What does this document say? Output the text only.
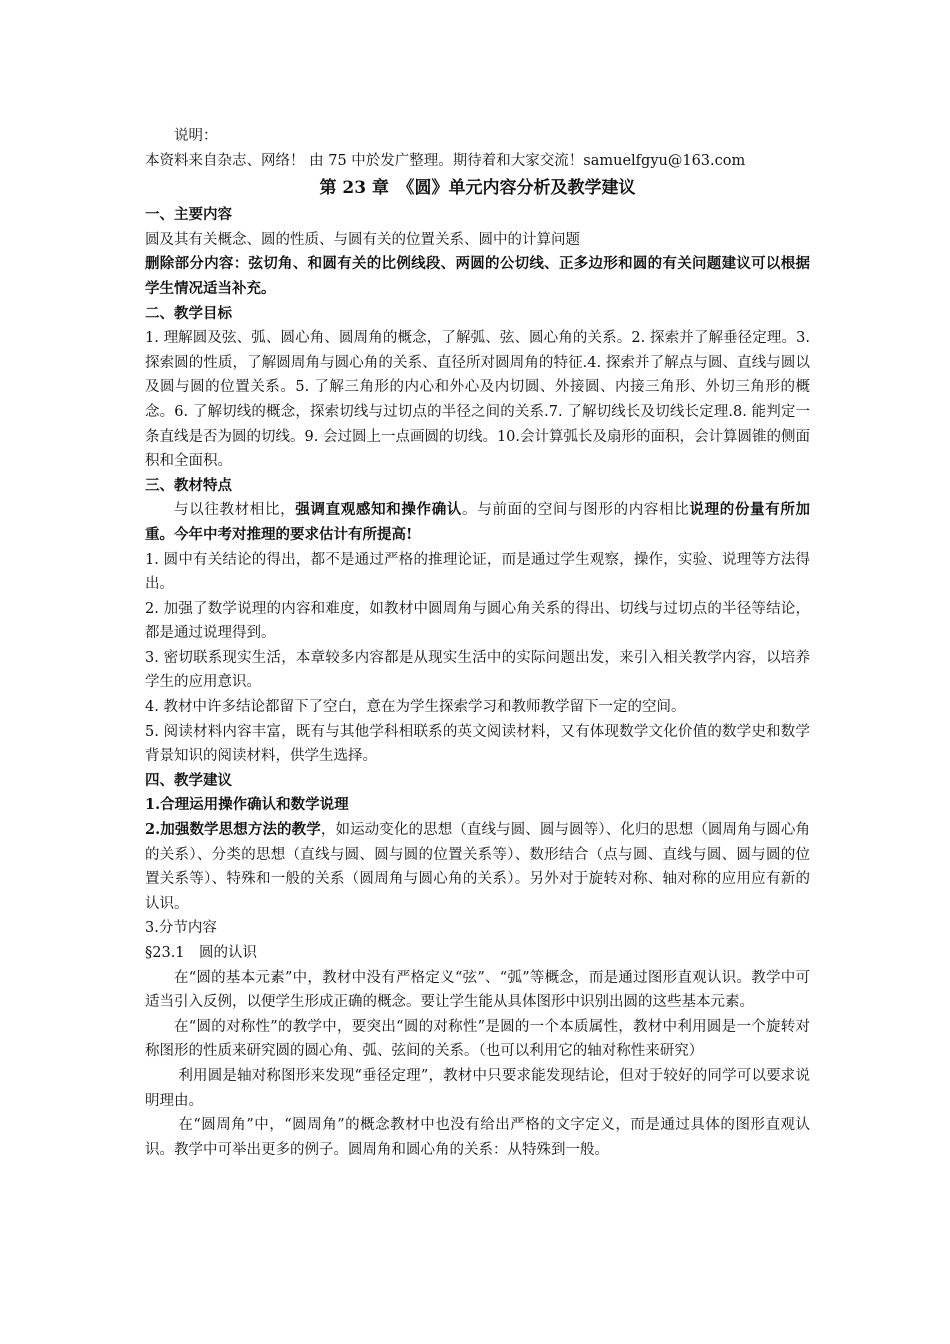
说明：

本资料来自杂志、网络！ 由 75 中於发广整理。期待着和大家交流！samuelfgyu@163.com

第 23 章　《圆》单元内容分析及教学建议

一、主要内容

圆及其有关概念、圆的性质、与圆有关的位置关系、圆中的计算问题

删除部分内容：弦切角、和圆有关的比例线段、两圆的公切线、正多边形和圆的有关问题建议可以根据学生情况适当补充。

二、教学目标

1. 理解圆及弦、弧、圆心角、圆周角的概念，了解弧、弦、圆心角的关系。2. 探索并了解垂径定理。3. 探索圆的性质，了解圆周角与圆心角的关系、直径所对圆周角的特征.4. 探索并了解点与圆、直线与圆以及圆与圆的位置关系。5. 了解三角形的内心和外心及内切圆、外接圆、内接三角形、外切三角形的概念。6. 了解切线的概念，探索切线与过切点的半径之间的关系.7. 了解切线长及切线长定理.8. 能判定一条直线是否为圆的切线。9. 会过圆上一点画圆的切线。10.会计算弧长及扇形的面积，会计算圆锥的侧面积和全面积。

三、教材特点

与以往教材相比，强调直观感知和操作确认。与前面的空间与图形的内容相比说理的份量有所加重。今年中考对推理的要求估计有所提高!

1. 圆中有关结论的得出，都不是通过严格的推理论证，而是通过学生观察，操作，实验、说理等方法得出。

2. 加强了数学说理的内容和难度，如教材中圆周角与圆心角关系的得出、切线与过切点的半径等结论，都是通过说理得到。

3. 密切联系现实生活，本章较多内容都是从现实生活中的实际问题出发，来引入相关教学内容，以培养学生的应用意识。

4. 教材中许多结论都留下了空白，意在为学生探索学习和教师教学留下一定的空间。

5. 阅读材料内容丰富，既有与其他学科相联系的英文阅读材料，又有体现数学文化价值的数学史和数学背景知识的阅读材料，供学生选择。

四、教学建议

1.合理运用操作确认和数学说理

2.加强数学思想方法的教学，如运动变化的思想（直线与圆、圆与圆等）、化归的思想（圆周角与圆心角的关系）、分类的思想（直线与圆、圆与圆的位置关系等）、数形结合（点与圆、直线与圆、圆与圆的位置关系等）、特殊和一般的关系（圆周角与圆心角的关系）。另外对于旋转对称、轴对称的应用应有新的认识。

3.分节内容

§23.1　圆的认识

在“圆的基本元素”中，教材中没有严格定义“弦”、“弧”等概念，而是通过图形直观认识。教学中可适当引入反例，以便学生形成正确的概念。要让学生能从具体图形中识别出圆的这些基本元素。

在“圆的对称性”的教学中，要突出“圆的对称性”是圆的一个本质属性，教材中利用圆是一个旋转对称图形的性质来研究圆的圆心角、弧、弦间的关系。（也可以利用它的轴对称性来研究）

利用圆是轴对称图形来发现“垂径定理”，教材中只要求能发现结论，但对于较好的同学可以要求说明理由。

在“圆周角”中，“圆周角”的概念教材中也没有给出严格的文字定义，而是通过具体的图形直观认识。教学中可举出更多的例子。圆周角和圆心角的关系：从特殊到一般。
